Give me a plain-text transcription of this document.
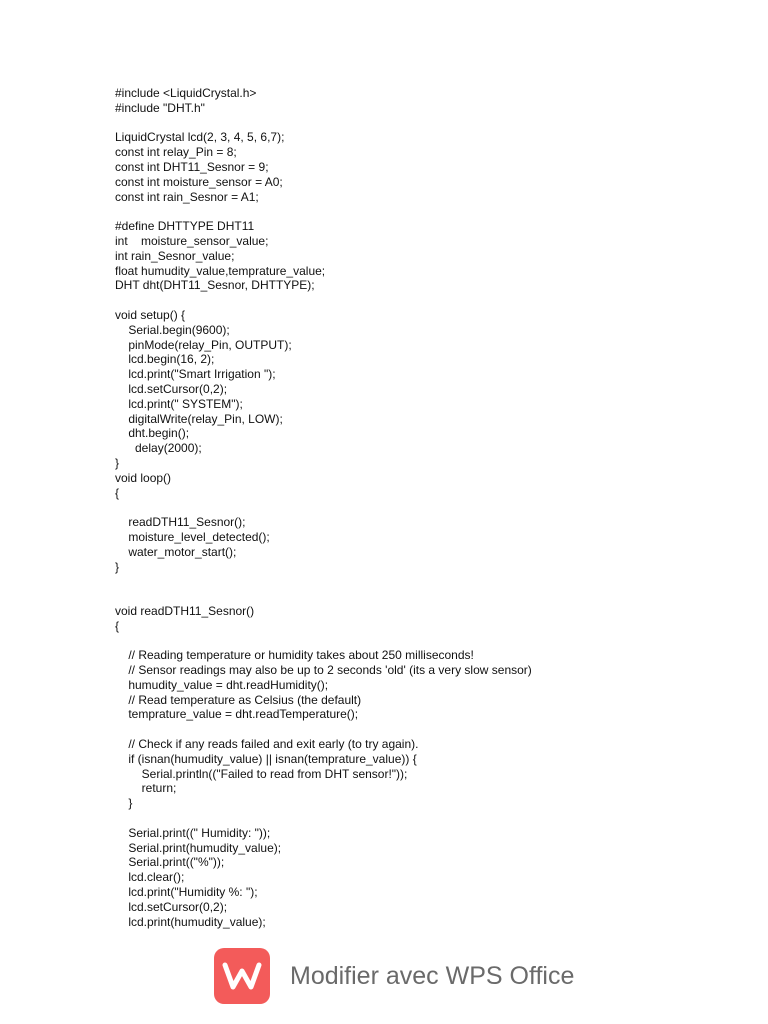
#include <LiquidCrystal.h>
#include "DHT.h"
LiquidCrystal lcd(2, 3, 4, 5, 6,7);
const int relay_Pin = 8;
const int DHT11_Sesnor = 9;
const int moisture_sensor = A0;
const int rain_Sesnor = A1;
#define DHTTYPE DHT11
int    moisture_sensor_value;
int rain_Sesnor_value;
float humudity_value,temprature_value;
DHT dht(DHT11_Sesnor, DHTTYPE);
void setup() {
Serial.begin(9600);
pinMode(relay_Pin, OUTPUT);
lcd.begin(16, 2);
lcd.print("Smart Irrigation ");
lcd.setCursor(0,2);
lcd.print(" SYSTEM");
digitalWrite(relay_Pin, LOW);
dht.begin();
delay(2000);
}
void loop()
{
readDTH11_Sesnor();
moisture_level_detected();
water_motor_start();
}
void readDTH11_Sesnor()
{
// Reading temperature or humidity takes about 250 milliseconds!
// Sensor readings may also be up to 2 seconds 'old' (its a very slow sensor)
humudity_value = dht.readHumidity();
// Read temperature as Celsius (the default)
temprature_value = dht.readTemperature();
// Check if any reads failed and exit early (to try again).
if (isnan(humudity_value) || isnan(temprature_value)) {
Serial.println(("Failed to read from DHT sensor!"));
return;
}
Serial.print((" Humidity: "));
Serial.print(humudity_value);
Serial.print(("%"));
lcd.clear();
lcd.print("Humidity %: ");
lcd.setCursor(0,2);
lcd.print(humudity_value);
Modifier avec WPS Office
